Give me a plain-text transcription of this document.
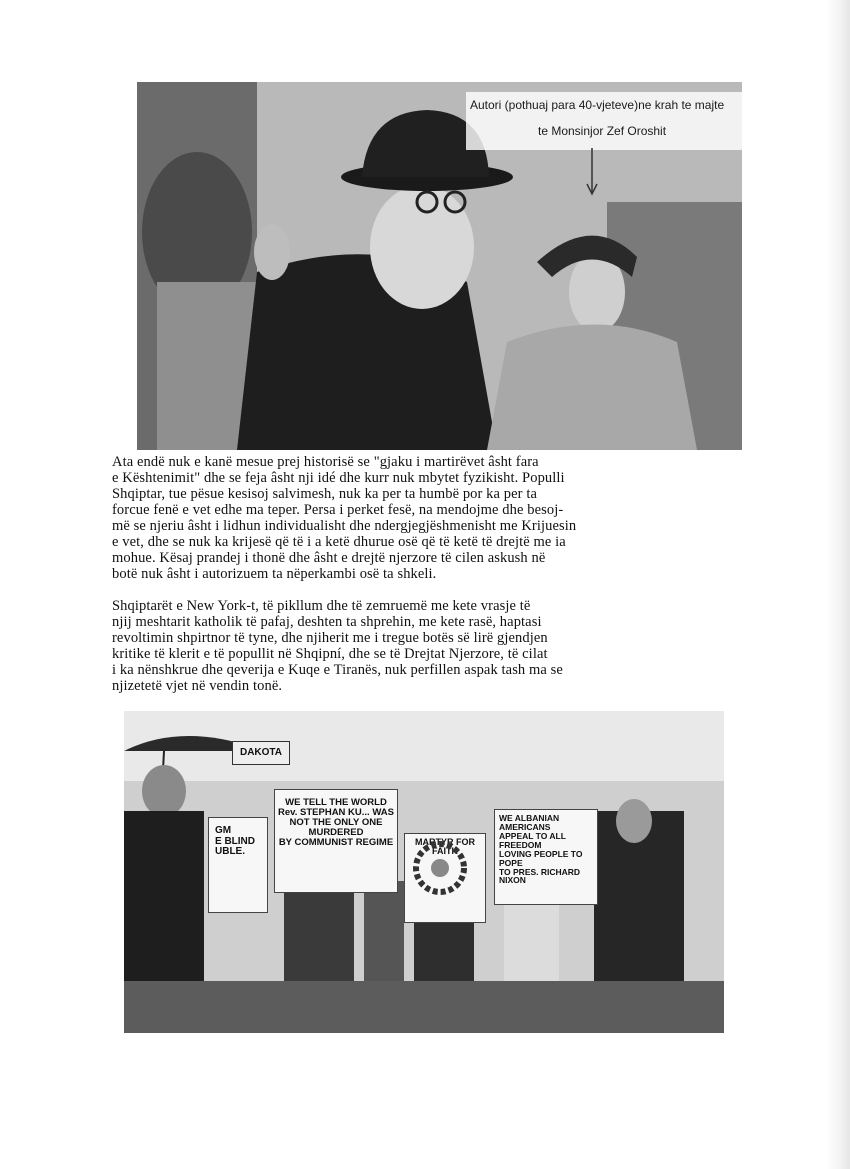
Autori (pothuaj para 40-vjeteve)ne krah te majte
te Monsinjor Zef Oroshit
Ata endë nuk e kanë mesue prej historisë se "gjaku i martirëvet âsht fara
e Kështenimit" dhe se feja âsht nji idé dhe kurr nuk mbytet fyzikisht. Populli
Shqiptar, tue pësue kesisoj salvimesh, nuk ka per ta humbë por ka per ta
forcue fenë e vet edhe ma teper. Persa i perket fesë, na mendojme dhe besoj-
më se njeriu âsht i lidhun individualisht dhe ndergjegjëshmenisht me Krijuesin
e vet, dhe se nuk ka krijesë që të i a ketë dhurue osë që të ketë të drejtë me ia
mohue. Kësaj prandej i thonë dhe âsht e drejtë njerzore të cilen askush në
botë nuk âsht i autorizuem ta nëperkambi osë ta shkeli.
Shqiptarët e New York-t, të pikllum dhe të zemruemë me kete vrasje të
njij meshtarit katholik të pafaj, deshten ta shprehin, me kete rasë, haptasi
revoltimin shpirtnor të tyne, dhe njiherit me i tregue botës së lirë gjendjen
kritike të klerit e të popullit në Shqipní, dhe se të Drejtat Njerzore, të cilat
i ka nënshkrue dhe qeverija e Kuqe e Tiranës, nuk perfillen aspak tash ma se
njizetetë vjet në vendin tonë.
DAKOTA
GM
E BLIND
UBLE.
WE TELL THE WORLD
Rev. STEPHAN KU... WAS
NOT THE ONLY ONE MURDERED
BY COMMUNIST REGIME	MARTYR FOR FAITH
WE ALBANIAN AMERICANS
APPEAL TO ALL FREEDOM
LOVING PEOPLE TO POPE
TO PRES. RICHARD NIXON
